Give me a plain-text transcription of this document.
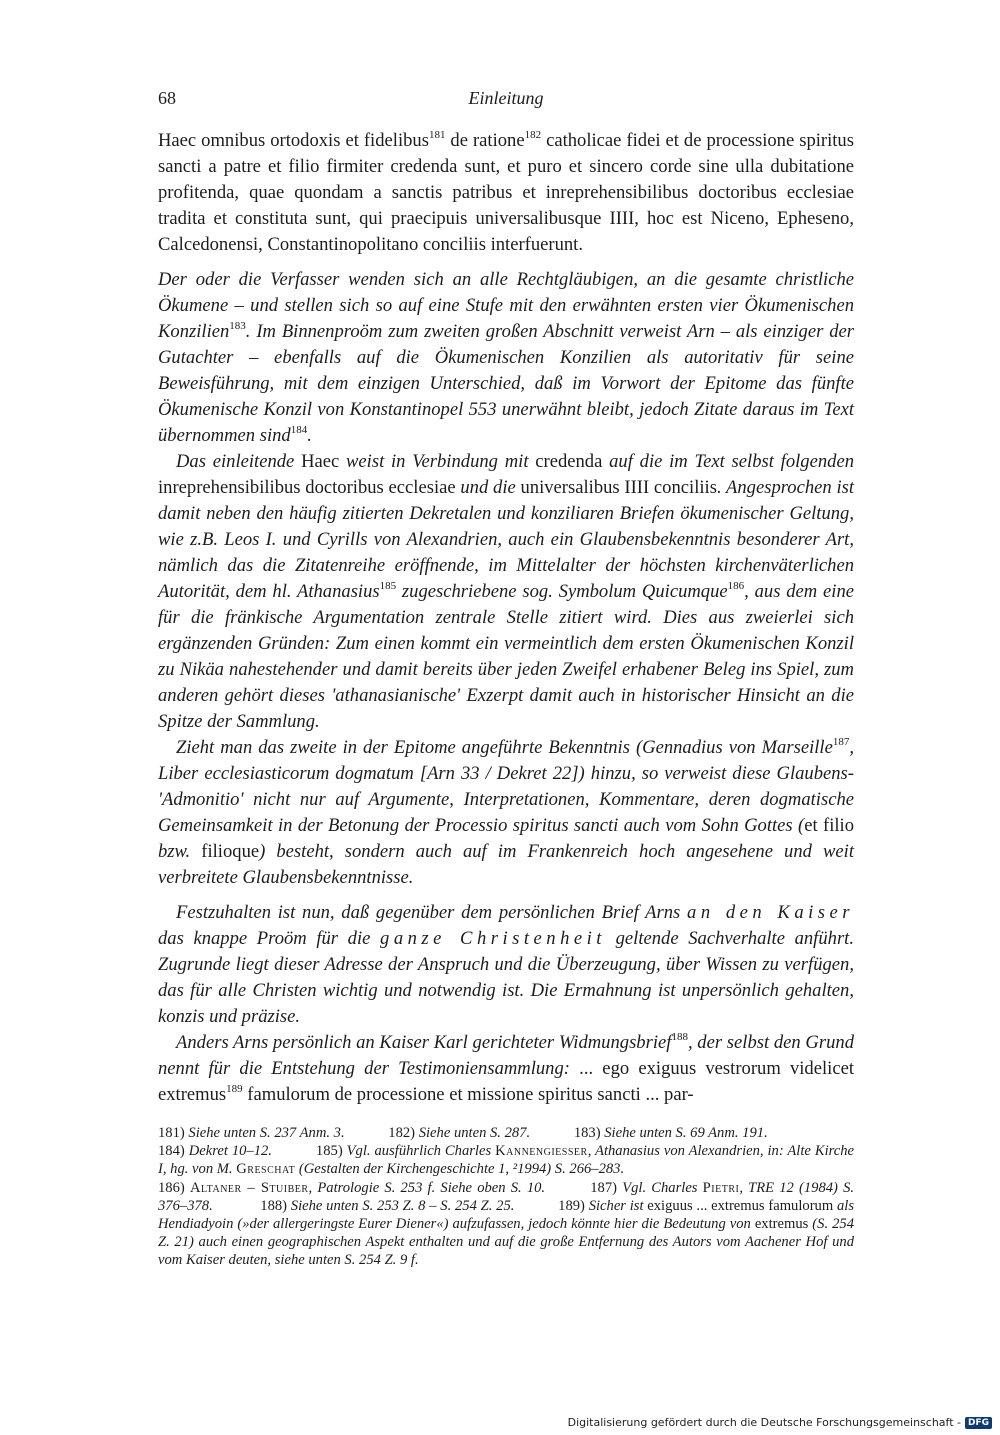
68	Einleitung
Haec omnibus ortodoxis et fidelibus$^{181}$ de ratione$^{182}$ catholicae fidei et de processione spiritus sancti a patre et filio firmiter credenda sunt, et puro et sincero corde sine ulla dubitatione profitenda, quae quondam a sanctis patribus et inreprehensibilibus doctoribus ecclesiae tradita et constituta sunt, qui praecipuis universalibusque IIII, hoc est Niceno, Epheseno, Calcedonensi, Constantinopolitano conciliis interfuerunt.

Der oder die Verfasser wenden sich an alle Rechtgläubigen, an die gesamte christliche Ökumene – und stellen sich so auf eine Stufe mit den erwähnten ersten vier Ökumenischen Konzilien$^{183}$. Im Binnenproöm zum zweiten großen Abschnitt verweist Arn – als einziger der Gutachter – ebenfalls auf die Ökumenischen Konzilien als autoritativ für seine Beweisführung, mit dem einzigen Unterschied, daß im Vorwort der Epitome das fünfte Ökumenische Konzil von Konstantinopel 553 unerwähnt bleibt, jedoch Zitate daraus im Text übernommen sind$^{184}$.

Das einleitende Haec weist in Verbindung mit credenda auf die im Text selbst folgenden inreprehensibilibus doctoribus ecclesiae und die universalibus IIII conciliis. Angesprochen ist damit neben den häufig zitierten Dekretalen und konziliaren Briefen ökumenischer Geltung, wie z.B. Leos I. und Cyrills von Alexandrien, auch ein Glaubensbekenntnis besonderer Art, nämlich das die Zitatenreihe eröffnende, im Mittelalter der höchsten kirchenväterlichen Autorität, dem hl. Athanasius$^{185}$ zugeschriebene sog. Symbolum Quicumque$^{186}$, aus dem eine für die fränkische Argumentation zentrale Stelle zitiert wird. Dies aus zweierlei sich ergänzenden Gründen: Zum einen kommt ein vermeintlich dem ersten Ökumenischen Konzil zu Nikäa nahestehender und damit bereits über jeden Zweifel erhabener Beleg ins Spiel, zum anderen gehört dieses 'athanasianische' Exzerpt damit auch in historischer Hinsicht an die Spitze der Sammlung.

Zieht man das zweite in der Epitome angeführte Bekenntnis (Gennadius von Marseille$^{187}$, Liber ecclesiasticorum dogmatum [Arn 33 / Dekret 22]) hinzu, so verweist diese Glaubens-'Admonitio' nicht nur auf Argumente, Interpretationen, Kommentare, deren dogmatische Gemeinsamkeit in der Betonung der Processio spiritus sancti auch vom Sohn Gottes (et filio bzw. filioque) besteht, sondern auch auf im Frankenreich hoch angesehene und weit verbreitete Glaubensbekenntnisse.

Festzuhalten ist nun, daß gegenüber dem persönlichen Brief Arns an den Kaiser das knappe Proöm für die ganze Christenheit geltende Sachverhalte anführt. Zugrunde liegt dieser Adresse der Anspruch und die Überzeugung, über Wissen zu verfügen, das für alle Christen wichtig und notwendig ist. Die Ermahnung ist unpersönlich gehalten, konzis und präzise.

Anders Arns persönlich an Kaiser Karl gerichteter Widmungsbrief$^{188}$, der selbst den Grund nennt für die Entstehung der Testimoniensammlung: ... ego exiguus vestrorum videlicet extremus$^{189}$ famulorum de processione et missione spiritus sancti ... par-

181) Siehe unten S. 237 Anm. 3.	182) Siehe unten S. 287.	183) Siehe unten S. 69 Anm. 191.

184) Dekret 10–12.	185) Vgl. ausführlich Charles Kannengiesser, Athanasius von Alexandrien, in: Alte Kirche I, hg. von M. Greschat (Gestalten der Kirchengeschichte 1, ²1994) S. 266–283.

186) Altaner – Stuiber, Patrologie S. 253 f. Siehe oben S. 10.	187) Vgl. Charles Pietri, TRE 12 (1984) S. 376–378.	188) Siehe unten S. 253 Z. 8 – S. 254 Z. 25.	189) Sicher ist exiguus ... extremus famulorum als Hendiadyoin (»der allergeringste Eurer Diener«) aufzufassen, jedoch könnte hier die Bedeutung von extremus (S. 254 Z. 21) auch einen geographischen Aspekt enthalten und auf die große Entfernung des Autors vom Aachener Hof und vom Kaiser deuten, siehe unten S. 254 Z. 9 f.

Digitalisierung gefördert durch die Deutsche Forschungsgemeinschaft - DFG
